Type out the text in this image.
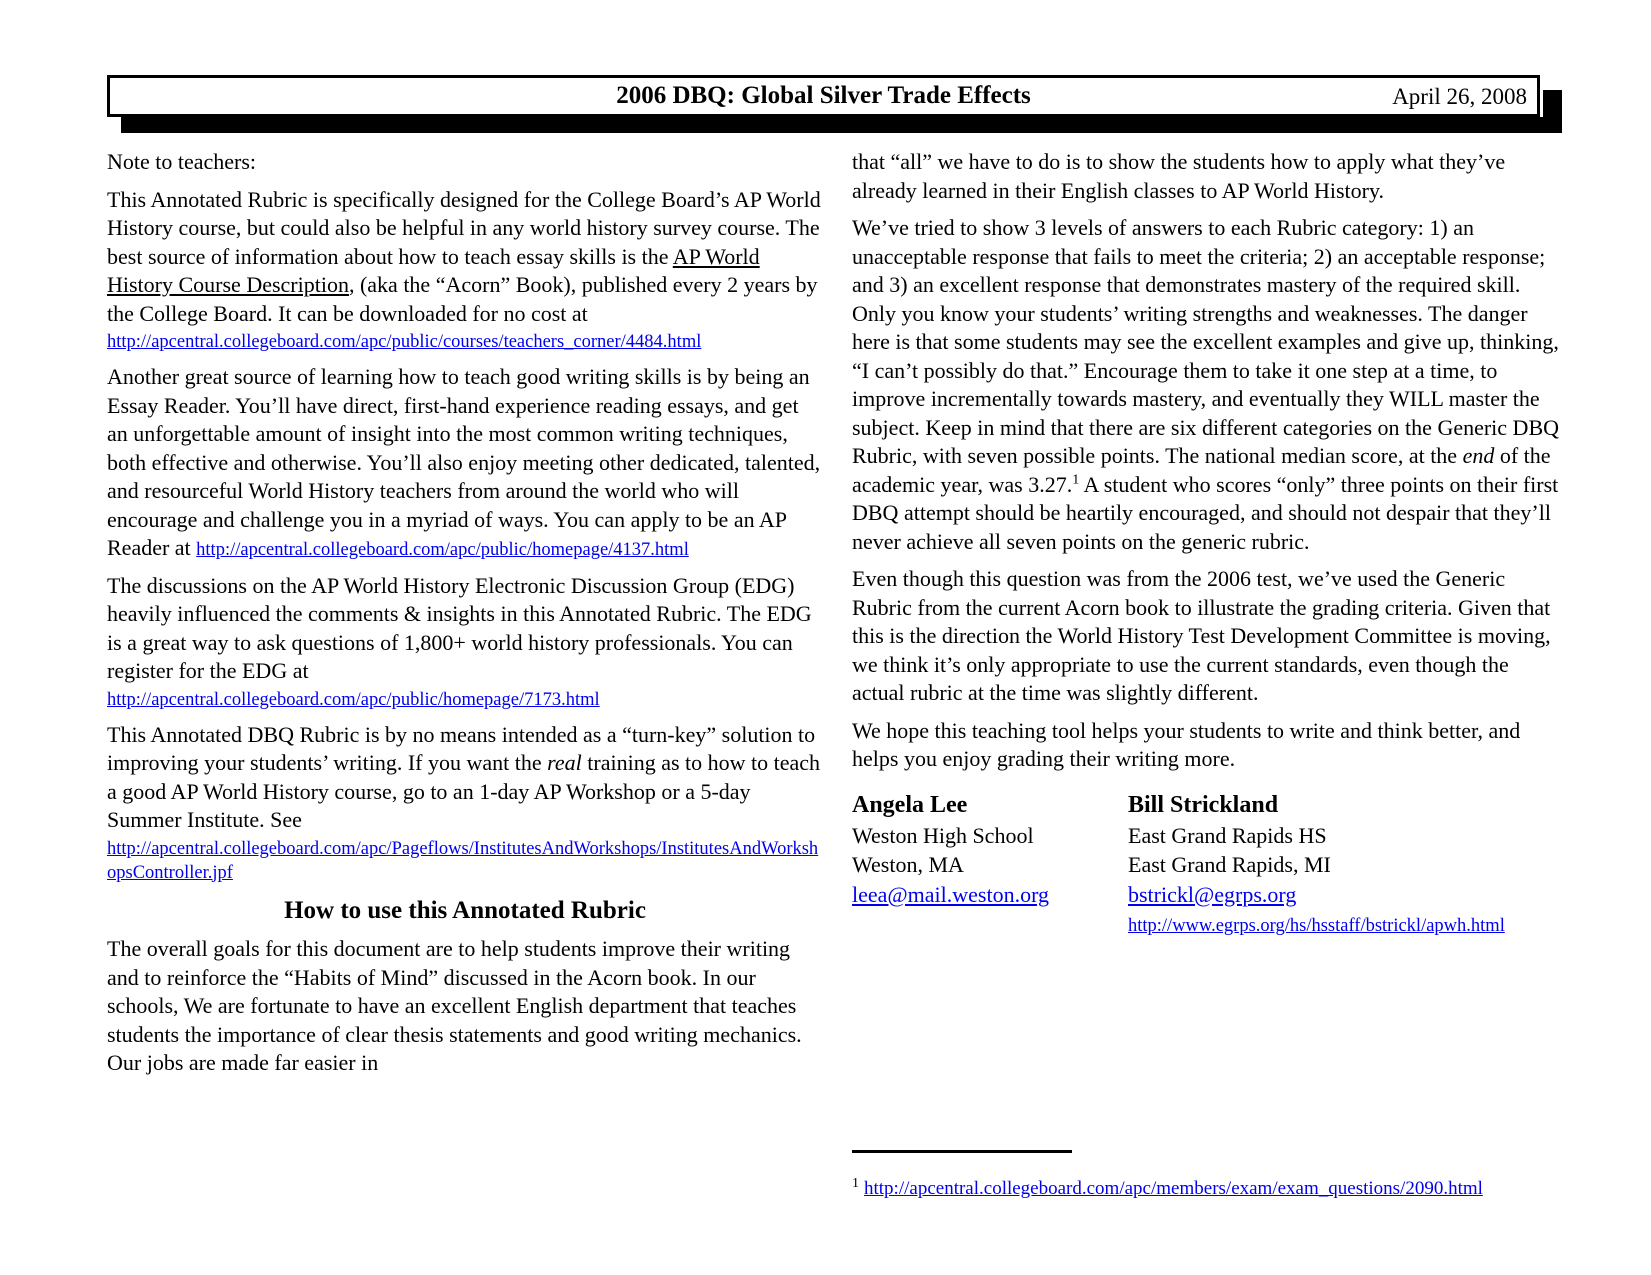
2006 DBQ: Global Silver Trade Effects	April 26, 2008

Note to teachers:

This Annotated Rubric is specifically designed for the College Board’s AP World History course, but could also be helpful in any world history survey course. The best source of information about how to teach essay skills is the AP World History Course Description, (aka the “Acorn” Book), published every 2 years by the College Board. It can be downloaded for no cost at
http://apcentral.collegeboard.com/apc/public/courses/teachers_corner/4484.html

Another great source of learning how to teach good writing skills is by being an Essay Reader. You’ll have direct, first-hand experience reading essays, and get an unforgettable amount of insight into the most common writing techniques, both effective and otherwise. You’ll also enjoy meeting other dedicated, talented, and resourceful World History teachers from around the world who will encourage and challenge you in a myriad of ways. You can apply to be an AP Reader at http://apcentral.collegeboard.com/apc/public/homepage/4137.html

The discussions on the AP World History Electronic Discussion Group (EDG) heavily influenced the comments & insights in this Annotated Rubric. The EDG is a great way to ask questions of 1,800+ world history professionals. You can register for the EDG at
http://apcentral.collegeboard.com/apc/public/homepage/7173.html

This Annotated DBQ Rubric is by no means intended as a “turn-key” solution to improving your students’ writing. If you want the real training as to how to teach a good AP World History course, go to an 1-day AP Workshop or a 5-day Summer Institute. See
http://apcentral.collegeboard.com/apc/Pageflows/InstitutesAndWorkshops/InstitutesAndWorkshopsController.jpf

How to use this Annotated Rubric

The overall goals for this document are to help students improve their writing and to reinforce the “Habits of Mind” discussed in the Acorn book. In our schools, We are fortunate to have an excellent English department that teaches students the importance of clear thesis statements and good writing mechanics. Our jobs are made far easier in

that “all” we have to do is to show the students how to apply what they’ve already learned in their English classes to AP World History.

We’ve tried to show 3 levels of answers to each Rubric category: 1) an unacceptable response that fails to meet the criteria; 2) an acceptable response; and 3) an excellent response that demonstrates mastery of the required skill. Only you know your students’ writing strengths and weaknesses. The danger here is that some students may see the excellent examples and give up, thinking, “I can’t possibly do that.” Encourage them to take it one step at a time, to improve incrementally towards mastery, and eventually they WILL master the subject. Keep in mind that there are six different categories on the Generic DBQ Rubric, with seven possible points. The national median score, at the end of the academic year, was 3.27.$^1$ A student who scores “only” three points on their first DBQ attempt should be heartily encouraged, and should not despair that they’ll never achieve all seven points on the generic rubric.

Even though this question was from the 2006 test, we’ve used the Generic Rubric from the current Acorn book to illustrate the grading criteria. Given that this is the direction the World History Test Development Committee is moving, we think it’s only appropriate to use the current standards, even though the actual rubric at the time was slightly different.

We hope this teaching tool helps your students to write and think better, and helps you enjoy grading their writing more.

Angela Lee
Weston High School
Weston, MA
leea@mail.weston.org
Bill Strickland
East Grand Rapids HS
East Grand Rapids, MI
bstrickl@egrps.org
http://www.egrps.org/hs/hsstaff/bstrickl/apwh.html
$^1$ http://apcentral.collegeboard.com/apc/members/exam/exam_questions/2090.html
